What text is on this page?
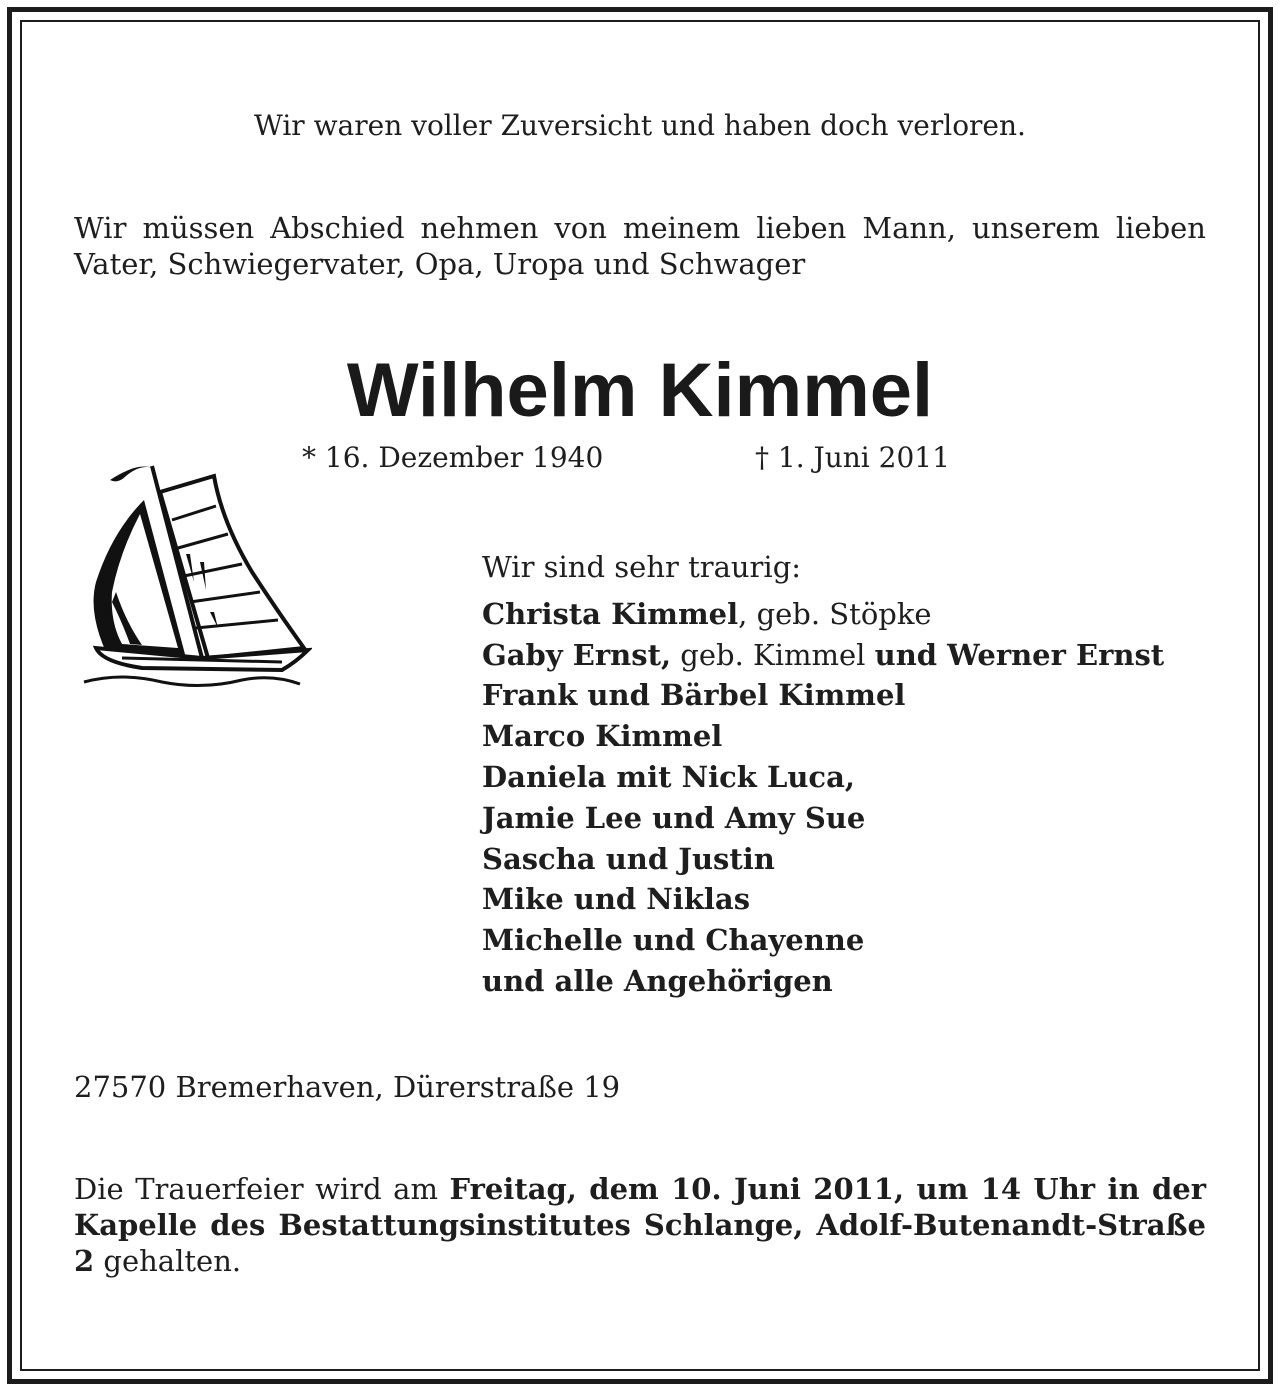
Wir waren voller Zuversicht und haben doch verloren.
Wir müssen Abschied nehmen von meinem lieben Mann, unserem lieben Vater, Schwiegervater, Opa, Uropa und Schwager
Wilhelm Kimmel
* 16. Dezember 1940	† 1. Juni 2011
Wir sind sehr traurig:
Christa Kimmel, geb. Stöpke
Gaby Ernst, geb. Kimmel und Werner Ernst
Frank und Bärbel Kimmel
Marco Kimmel
Daniela mit Nick Luca,
Jamie Lee und Amy Sue
Sascha und Justin
Mike und Niklas
Michelle und Chayenne
und alle Angehörigen
27570 Bremerhaven, Dürerstraße 19
Die Trauerfeier wird am Freitag, dem 10. Juni 2011, um 14 Uhr in der Kapelle des Bestattungsinstitutes Schlange, Adolf-Butenandt-Straße 2 gehalten.
